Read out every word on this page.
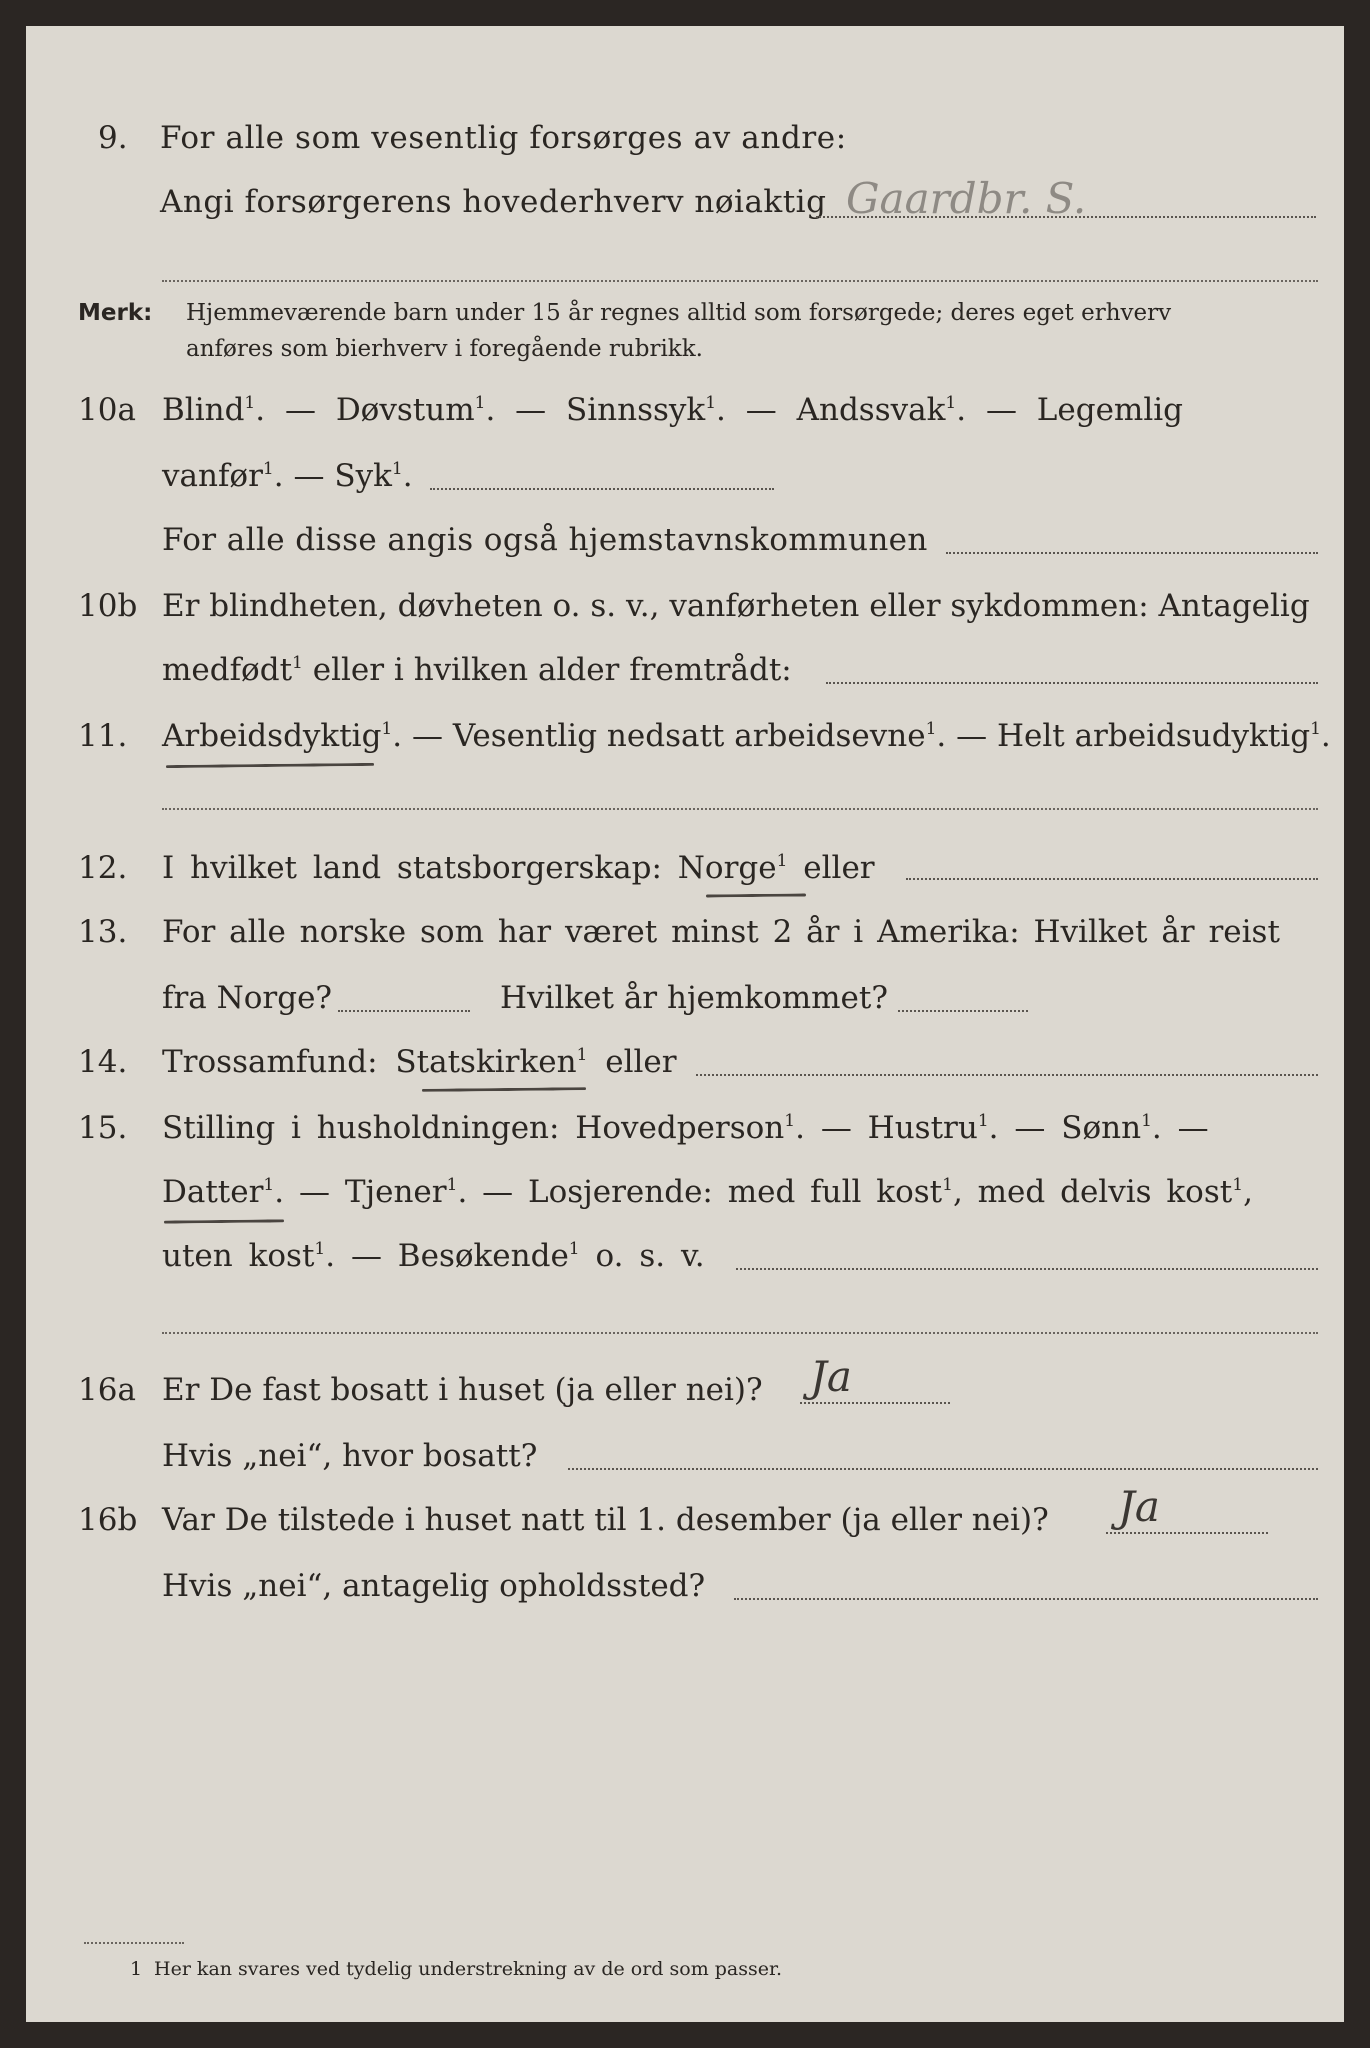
9. For alle som vesentlig forsørges av andre:
Angi forsørgerens hovederhverv nøiaktig Gaardbr. S.
Merk: Hjemmeværende barn under 15 år regnes alltid som forsørgede; deres eget erhverv
anføres som bierhverv i foregående rubrikk.
10a Blind$^1$. — Døvstum$^1$. — Sinnssyk$^1$. — Andssvak$^1$. — Legemlig
vanfør$^1$. — Syk$^1$.
For alle disse angis også hjemstavnskommunen
10b Er blindheten, døvheten o. s. v., vanførheten eller sykdommen: Antagelig
medfødt$^1$ eller i hvilken alder fremtrådt:
11. Arbeidsdyktig$^1$. — Vesentlig nedsatt arbeidsevne$^1$. — Helt arbeidsudyktig$^1$.
12. I hvilket land statsborgerskap: Norge$^1$ eller
13. For alle norske som har været minst 2 år i Amerika: Hvilket år reist
fra Norge?	Hvilket år hjemkommet?
14. Trossamfund: Statskirken$^1$ eller
15. Stilling i husholdningen: Hovedperson$^1$. — Hustru$^1$. — Sønn$^1$. —
Datter$^1$. — Tjener$^1$. — Losjerende: med full kost$^1$, med delvis kost$^1$,
uten kost$^1$. — Besøkende$^1$ o. s. v.
16a Er De fast bosatt i huset (ja eller nei)? Ja
Hvis „nei“, hvor bosatt?
16b Var De tilstede i huset natt til 1. desember (ja eller nei)? Ja
Hvis „nei“, antagelig opholdssted?
1 Her kan svares ved tydelig understrekning av de ord som passer.
